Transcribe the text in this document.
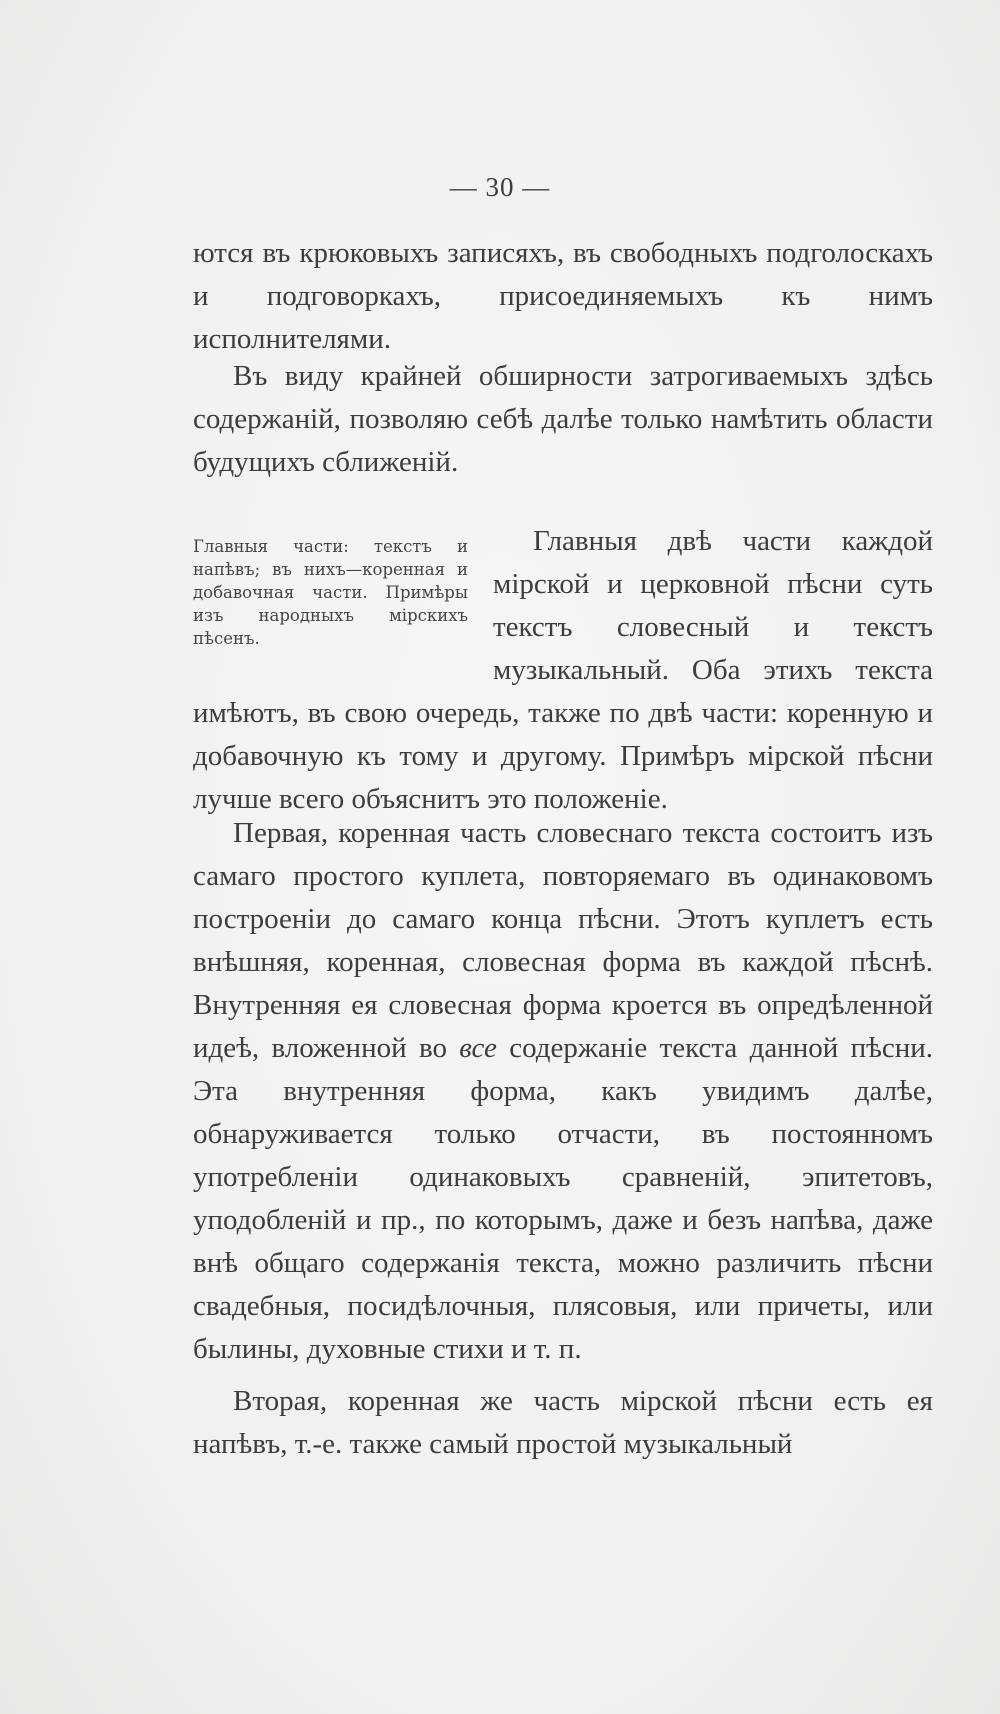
— 30 —

ются въ крюковыхъ записяхъ, въ свободныхъ подголоскахъ и подговоркахъ, присоединяемыхъ къ нимъ исполнителями.

Въ виду крайней обширности затрогиваемыхъ здѣсь содержаній, позволяю себѣ далѣе только намѣтить области будущихъ сближеній.

Главныя двѣ части каждой мірской и церковной пѣсни суть текстъ словесный и текстъ музыкальный. Оба этихъ текста имѣютъ, въ свою очередь, также по двѣ части: коренную и добавочную къ тому и другому. Примѣръ мірской пѣсни лучше всего объяснитъ это положеніе.

Главныя части: текстъ и напѣвъ; въ нихъ—коренная и добавочная части. Примѣры изъ народныхъ мірскихъ пѣсенъ.

Первая, коренная часть словеснаго текста состоитъ изъ самаго простого куплета, повторяемаго въ одинаковомъ построеніи до самаго конца пѣсни. Этотъ куплетъ есть внѣшняя, коренная, словесная форма въ каждой пѣснѣ. Внутренняя ея словесная форма кроется въ опредѣленной идеѣ, вложенной во все содержаніе текста данной пѣсни. Эта внутренняя форма, какъ увидимъ далѣе, обнаруживается только отчасти, въ постоянномъ употребленіи одинаковыхъ сравненій, эпитетовъ, уподобленій и пр., по которымъ, даже и безъ напѣва, даже внѣ общаго содержанія текста, можно различить пѣсни свадебныя, посидѣлочныя, плясовыя, или причеты, или былины, духовные стихи и т. п.

Вторая, коренная же часть мірской пѣсни есть ея напѣвъ, т.-е. также самый простой музыкальный
